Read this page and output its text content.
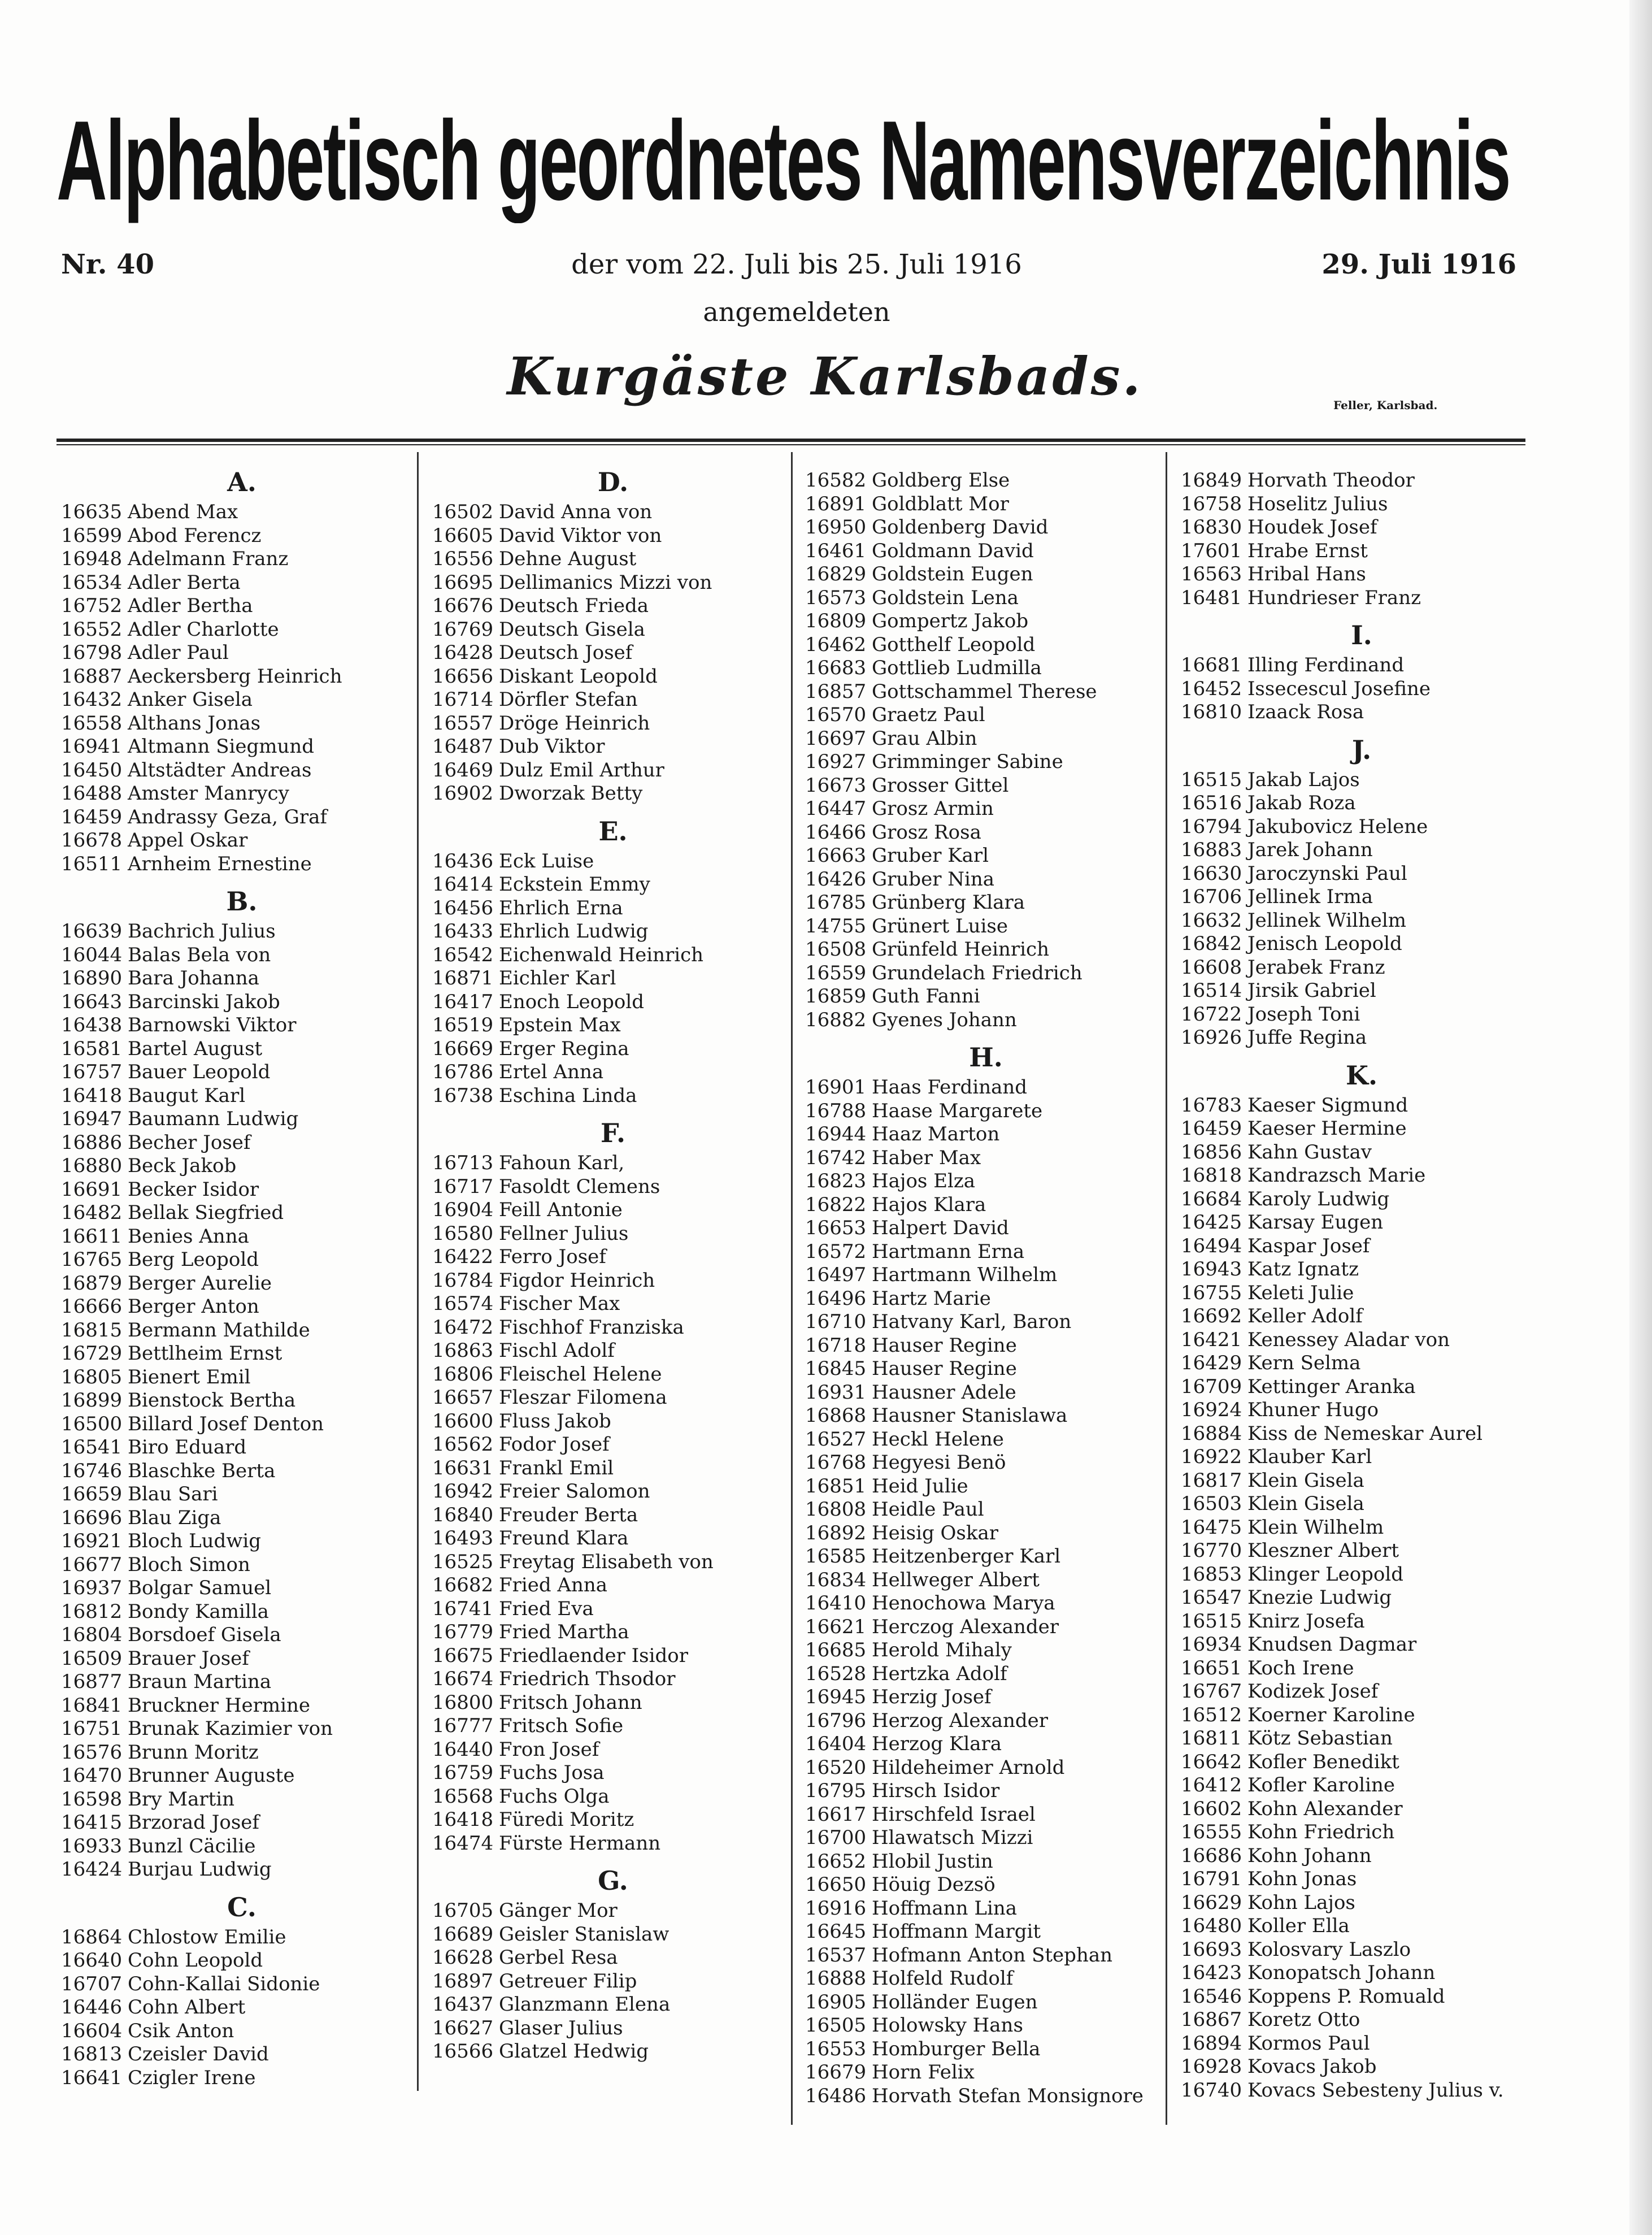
Alphabetisch geordnetes Namensverzeichnis
Nr. 40	der vom 22. Juli bis 25. Juli 1916	29. Juli 1916
angemeldeten
Kurgäste Karlsbads.	Feller, Karlsbad.
A.
16635 Abend Max
16599 Abod Ferencz
16948 Adelmann Franz
16534 Adler Berta
16752 Adler Bertha
16552 Adler Charlotte
16798 Adler Paul
16887 Aeckersberg Heinrich
16432 Anker Gisela
16558 Althans Jonas
16941 Altmann Siegmund
16450 Altstädter Andreas
16488 Amster Manrycy
16459 Andrassy Geza, Graf
16678 Appel Oskar
16511 Arnheim Ernestine
B.
16639 Bachrich Julius
16044 Balas Bela von
16890 Bara Johanna
16643 Barcinski Jakob
16438 Barnowski Viktor
16581 Bartel August
16757 Bauer Leopold
16418 Baugut Karl
16947 Baumann Ludwig
16886 Becher Josef
16880 Beck Jakob
16691 Becker Isidor
16482 Bellak Siegfried
16611 Benies Anna
16765 Berg Leopold
16879 Berger Aurelie
16666 Berger Anton
16815 Bermann Mathilde
16729 Bettlheim Ernst
16805 Bienert Emil
16899 Bienstock Bertha
16500 Billard Josef Denton
16541 Biro Eduard
16746 Blaschke Berta
16659 Blau Sari
16696 Blau Ziga
16921 Bloch Ludwig
16677 Bloch Simon
16937 Bolgar Samuel
16812 Bondy Kamilla
16804 Borsdoef Gisela
16509 Brauer Josef
16877 Braun Martina
16841 Bruckner Hermine
16751 Brunak Kazimier von
16576 Brunn Moritz
16470 Brunner Auguste
16598 Bry Martin
16415 Brzorad Josef
16933 Bunzl Cäcilie
16424 Burjau Ludwig
C.
16864 Chlostow Emilie
16640 Cohn Leopold
16707 Cohn-Kallai Sidonie
16446 Cohn Albert
16604 Csik Anton
16813 Czeisler David
16641 Czigler Irene
D.
16502 David Anna von
16605 David Viktor von
16556 Dehne August
16695 Dellimanics Mizzi von
16676 Deutsch Frieda
16769 Deutsch Gisela
16428 Deutsch Josef
16656 Diskant Leopold
16714 Dörfler Stefan
16557 Dröge Heinrich
16487 Dub Viktor
16469 Dulz Emil Arthur
16902 Dworzak Betty
E.
16436 Eck Luise
16414 Eckstein Emmy
16456 Ehrlich Erna
16433 Ehrlich Ludwig
16542 Eichenwald Heinrich
16871 Eichler Karl
16417 Enoch Leopold
16519 Epstein Max
16669 Erger Regina
16786 Ertel Anna
16738 Eschina Linda
F.
16713 Fahoun Karl,
16717 Fasoldt Clemens
16904 Feill Antonie
16580 Fellner Julius
16422 Ferro Josef
16784 Figdor Heinrich
16574 Fischer Max
16472 Fischhof Franziska
16863 Fischl Adolf
16806 Fleischel Helene
16657 Fleszar Filomena
16600 Fluss Jakob
16562 Fodor Josef
16631 Frankl Emil
16942 Freier Salomon
16840 Freuder Berta
16493 Freund Klara
16525 Freytag Elisabeth von
16682 Fried Anna
16741 Fried Eva
16779 Fried Martha
16675 Friedlaender Isidor
16674 Friedrich Thsodor
16800 Fritsch Johann
16777 Fritsch Sofie
16440 Fron Josef
16759 Fuchs Josa
16568 Fuchs Olga
16418 Füredi Moritz
16474 Fürste Hermann
G.
16705 Gänger Mor
16689 Geisler Stanislaw
16628 Gerbel Resa
16897 Getreuer Filip
16437 Glanzmann Elena
16627 Glaser Julius
16566 Glatzel Hedwig
16582 Goldberg Else
16891 Goldblatt Mor
16950 Goldenberg David
16461 Goldmann David
16829 Goldstein Eugen
16573 Goldstein Lena
16809 Gompertz Jakob
16462 Gotthelf Leopold
16683 Gottlieb Ludmilla
16857 Gottschammel Therese
16570 Graetz Paul
16697 Grau Albin
16927 Grimminger Sabine
16673 Grosser Gittel
16447 Grosz Armin
16466 Grosz Rosa
16663 Gruber Karl
16426 Gruber Nina
16785 Grünberg Klara
14755 Grünert Luise
16508 Grünfeld Heinrich
16559 Grundelach Friedrich
16859 Guth Fanni
16882 Gyenes Johann
H.
16901 Haas Ferdinand
16788 Haase Margarete
16944 Haaz Marton
16742 Haber Max
16823 Hajos Elza
16822 Hajos Klara
16653 Halpert David
16572 Hartmann Erna
16497 Hartmann Wilhelm
16496 Hartz Marie
16710 Hatvany Karl, Baron
16718 Hauser Regine
16845 Hauser Regine
16931 Hausner Adele
16868 Hausner Stanislawa
16527 Heckl Helene
16768 Hegyesi Benö
16851 Heid Julie
16808 Heidle Paul
16892 Heisig Oskar
16585 Heitzenberger Karl
16834 Hellweger Albert
16410 Henochowa Marya
16621 Herczog Alexander
16685 Herold Mihaly
16528 Hertzka Adolf
16945 Herzig Josef
16796 Herzog Alexander
16404 Herzog Klara
16520 Hildeheimer Arnold
16795 Hirsch Isidor
16617 Hirschfeld Israel
16700 Hlawatsch Mizzi
16652 Hlobil Justin
16650 Höuig Dezsö
16916 Hoffmann Lina
16645 Hoffmann Margit
16537 Hofmann Anton Stephan
16888 Holfeld Rudolf
16905 Holländer Eugen
16505 Holowsky Hans
16553 Homburger Bella
16679 Horn Felix
16486 Horvath Stefan Monsignore
16849 Horvath Theodor
16758 Hoselitz Julius
16830 Houdek Josef
17601 Hrabe Ernst
16563 Hribal Hans
16481 Hundrieser Franz
I.
16681 Illing Ferdinand
16452 Issecescul Josefine
16810 Izaack Rosa
J.
16515 Jakab Lajos
16516 Jakab Roza
16794 Jakubovicz Helene
16883 Jarek Johann
16630 Jaroczynski Paul
16706 Jellinek Irma
16632 Jellinek Wilhelm
16842 Jenisch Leopold
16608 Jerabek Franz
16514 Jirsik Gabriel
16722 Joseph Toni
16926 Juffe Regina
K.
16783 Kaeser Sigmund
16459 Kaeser Hermine
16856 Kahn Gustav
16818 Kandrazsch Marie
16684 Karoly Ludwig
16425 Karsay Eugen
16494 Kaspar Josef
16943 Katz Ignatz
16755 Keleti Julie
16692 Keller Adolf
16421 Kenessey Aladar von
16429 Kern Selma
16709 Kettinger Aranka
16924 Khuner Hugo
16884 Kiss de Nemeskar Aurel
16922 Klauber Karl
16817 Klein Gisela
16503 Klein Gisela
16475 Klein Wilhelm
16770 Kleszner Albert
16853 Klinger Leopold
16547 Knezie Ludwig
16515 Knirz Josefa
16934 Knudsen Dagmar
16651 Koch Irene
16767 Kodizek Josef
16512 Koerner Karoline
16811 Kötz Sebastian
16642 Kofler Benedikt
16412 Kofler Karoline
16602 Kohn Alexander
16555 Kohn Friedrich
16686 Kohn Johann
16791 Kohn Jonas
16629 Kohn Lajos
16480 Koller Ella
16693 Kolosvary Laszlo
16423 Konopatsch Johann
16546 Koppens P. Romuald
16867 Koretz Otto
16894 Kormos Paul
16928 Kovacs Jakob
16740 Kovacs Sebesteny Julius v.
